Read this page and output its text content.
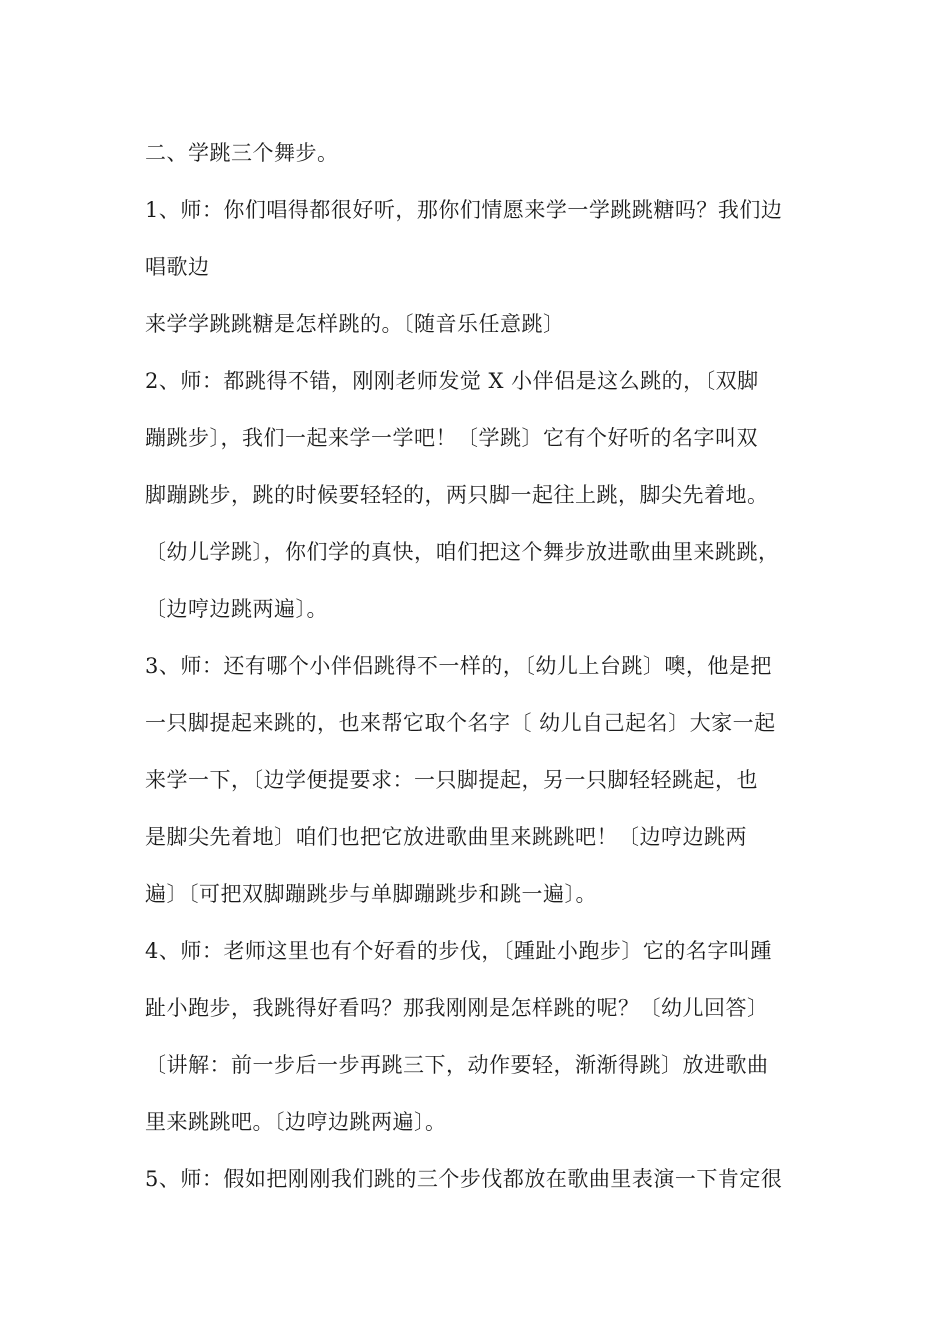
二、学跳三个舞步。
1、师：你们唱得都很好听，那你们情愿来学一学跳跳糖吗？我们边
唱歌边
来学学跳跳糖是怎样跳的。〔随音乐任意跳〕
2、师：都跳得不错，刚刚老师发觉 X 小伴侣是这么跳的，〔双脚
蹦跳步〕，我们一起来学一学吧！〔学跳〕它有个好听的名字叫双
脚蹦跳步，跳的时候要轻轻的，两只脚一起往上跳，脚尖先着地。
〔幼儿学跳〕，你们学的真快，咱们把这个舞步放进歌曲里来跳跳，
〔边哼边跳两遍〕。
3、师：还有哪个小伴侣跳得不一样的，〔幼儿上台跳〕噢，他是把
一只脚提起来跳的，也来帮它取个名字〔 幼儿自己起名〕大家一起
来学一下，〔边学便提要求：一只脚提起，另一只脚轻轻跳起，也
是脚尖先着地〕咱们也把它放进歌曲里来跳跳吧！〔边哼边跳两
遍〕〔可把双脚蹦跳步与单脚蹦跳步和跳一遍〕。
4、师：老师这里也有个好看的步伐，〔踵趾小跑步〕它的名字叫踵
趾小跑步，我跳得好看吗？那我刚刚是怎样跳的呢？〔幼儿回答〕
〔讲解：前一步后一步再跳三下，动作要轻，渐渐得跳〕放进歌曲
里来跳跳吧。〔边哼边跳两遍〕。
5、师：假如把刚刚我们跳的三个步伐都放在歌曲里表演一下肯定很
